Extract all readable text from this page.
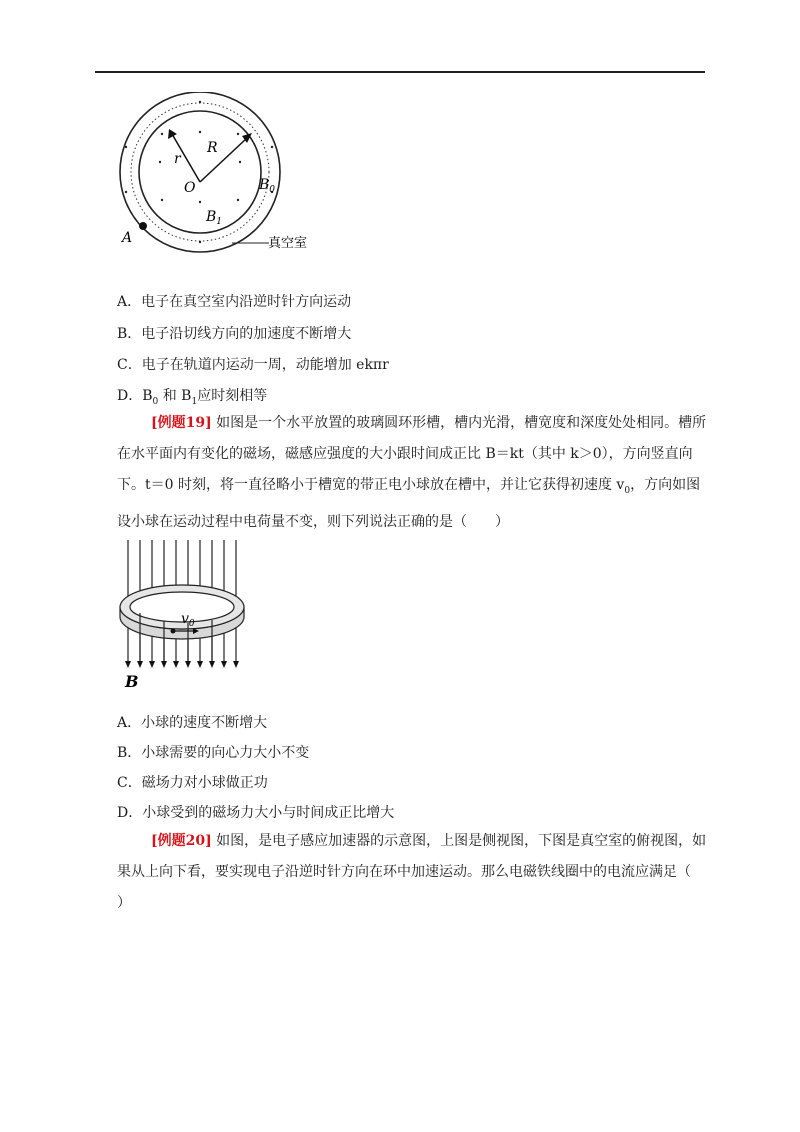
r
R
O	$B_0$
$B_1$
A	真空室
A．电子在真空室内沿逆时针方向运动
B．电子沿切线方向的加速度不断增大
C．电子在轨道内运动一周，动能增加 ekπr
D．$B_0$ 和 $B_1$应时刻相等
[例题19] 如图是一个水平放置的玻璃圆环形槽，槽内光滑，槽宽度和深度处处相同。槽所
在水平面内有变化的磁场，磁感应强度的大小跟时间成正比 B＝kt（其中 k＞0），方向竖直向
下。t＝0 时刻，将一直径略小于槽宽的带正电小球放在槽中，并让它获得初速度 $v_0$，方向如图
设小球在运动过程中电荷量不变，则下列说法正确的是（　　）
$v_0$
B
A．小球的速度不断增大
B．小球需要的向心力大小不变
C．磁场力对小球做正功
D．小球受到的磁场力大小与时间成正比增大
[例题20] 如图，是电子感应加速器的示意图，上图是侧视图，下图是真空室的俯视图，如
果从上向下看，要实现电子沿逆时针方向在环中加速运动。那么电磁铁线圈中的电流应满足（
）
